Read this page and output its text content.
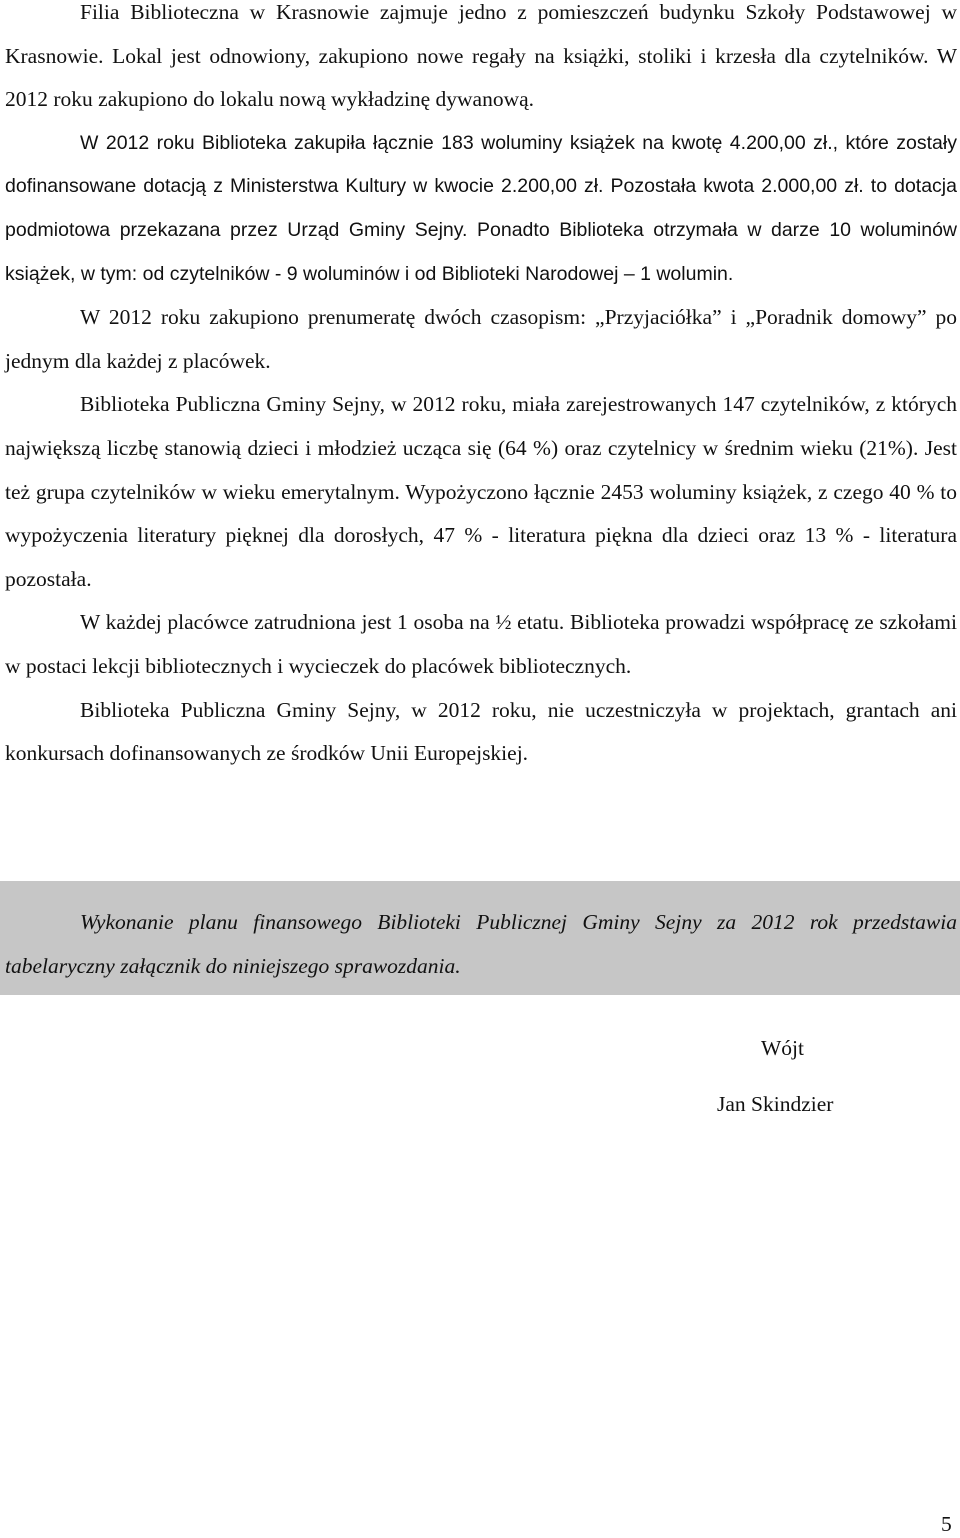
Filia Biblioteczna w Krasnowie zajmuje jedno z pomieszczeń budynku Szkoły Podstawowej w Krasnowie. Lokal jest odnowiony, zakupiono nowe regały na książki, stoliki i krzesła dla czytelników. W 2012 roku zakupiono do lokalu nową wykładzinę dywanową.

W 2012 roku Biblioteka zakupiła łącznie 183 woluminy książek na kwotę 4.200,00 zł., które zostały dofinansowane dotacją z Ministerstwa Kultury w kwocie 2.200,00 zł. Pozostała kwota 2.000,00 zł. to dotacja podmiotowa przekazana przez Urząd Gminy Sejny. Ponadto Biblioteka otrzymała w darze 10 woluminów książek, w tym: od czytelników - 9 woluminów i od Biblioteki Narodowej – 1 wolumin.

W 2012 roku zakupiono prenumeratę dwóch czasopism: „Przyjaciółka” i „Poradnik domowy” po jednym dla każdej z placówek.

Biblioteka Publiczna Gminy Sejny, w 2012 roku, miała zarejestrowanych 147 czytelników, z których największą liczbę stanowią dzieci i młodzież ucząca się (64 %) oraz czytelnicy w średnim wieku (21%). Jest też grupa czytelników w wieku emerytalnym. Wypożyczono łącznie 2453 woluminy książek, z czego 40 % to wypożyczenia literatury pięknej dla dorosłych, 47 % - literatura piękna dla dzieci oraz 13 % - literatura pozostała.

W każdej placówce zatrudniona jest 1 osoba na ½ etatu. Biblioteka prowadzi współpracę ze szkołami w postaci lekcji bibliotecznych i wycieczek do placówek bibliotecznych.

Biblioteka Publiczna Gminy Sejny, w 2012 roku, nie uczestniczyła w projektach, grantach ani konkursach dofinansowanych ze środków Unii Europejskiej.

Wykonanie planu finansowego Biblioteki Publicznej Gminy Sejny za 2012 rok przedstawia tabelaryczny załącznik do niniejszego sprawozdania.

Wójt
Jan Skindzier
5
